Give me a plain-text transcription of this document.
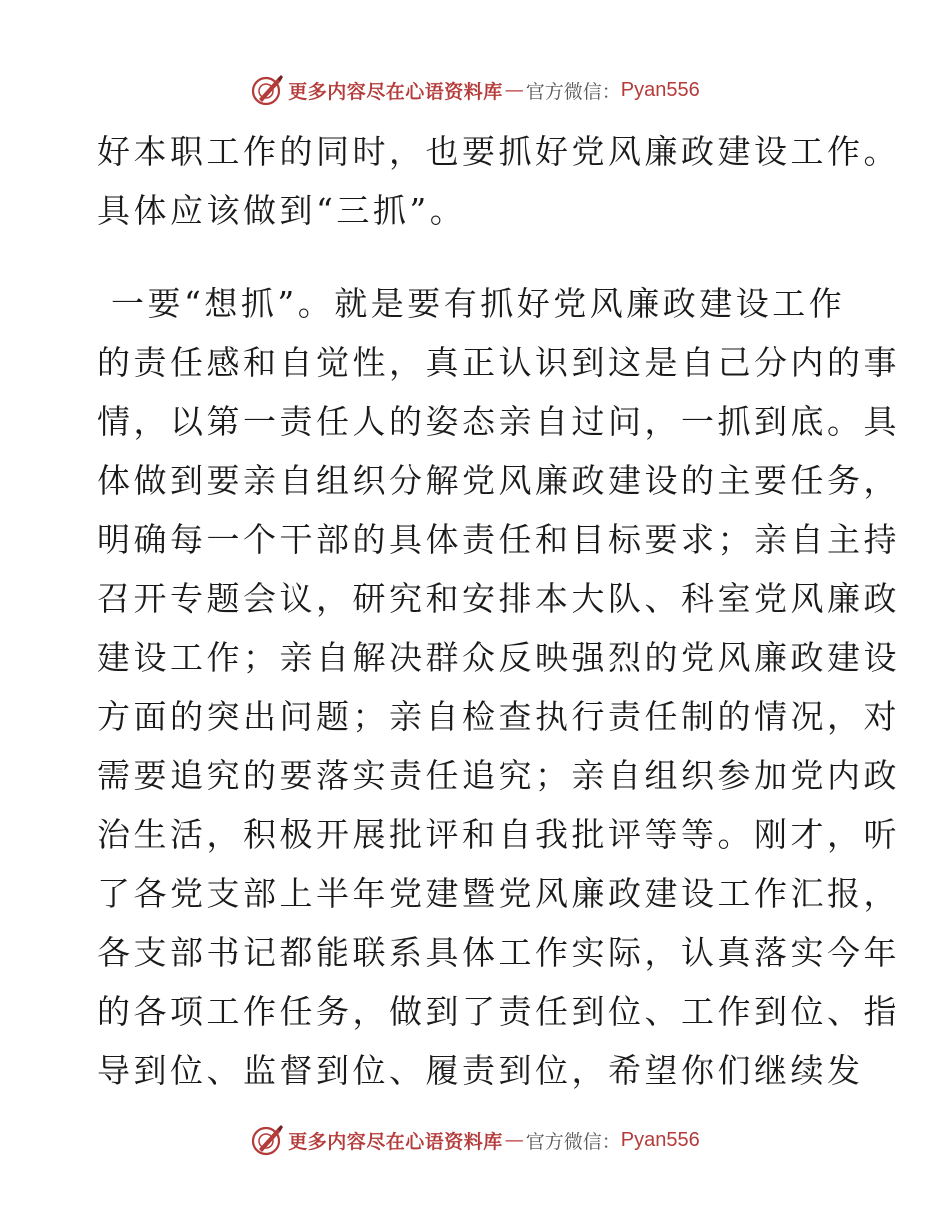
更多内容尽在心语资料库 — 官方微信： Pyan556
好本职工作的同时，也要抓好党风廉政建设工作。
具体应该做到“三抓”。
一要“想抓”。就是要有抓好党风廉政建设工作
的责任感和自觉性，真正认识到这是自己分内的事
情，以第一责任人的姿态亲自过问，一抓到底。具
体做到要亲自组织分解党风廉政建设的主要任务，
明确每一个干部的具体责任和目标要求；亲自主持
召开专题会议，研究和安排本大队、科室党风廉政
建设工作；亲自解决群众反映强烈的党风廉政建设
方面的突出问题；亲自检查执行责任制的情况，对
需要追究的要落实责任追究；亲自组织参加党内政
治生活，积极开展批评和自我批评等等。刚才，听
了各党支部上半年党建暨党风廉政建设工作汇报，
各支部书记都能联系具体工作实际，认真落实今年
的各项工作任务，做到了责任到位、工作到位、指
导到位、监督到位、履责到位，希望你们继续发
更多内容尽在心语资料库 — 官方微信： Pyan556
